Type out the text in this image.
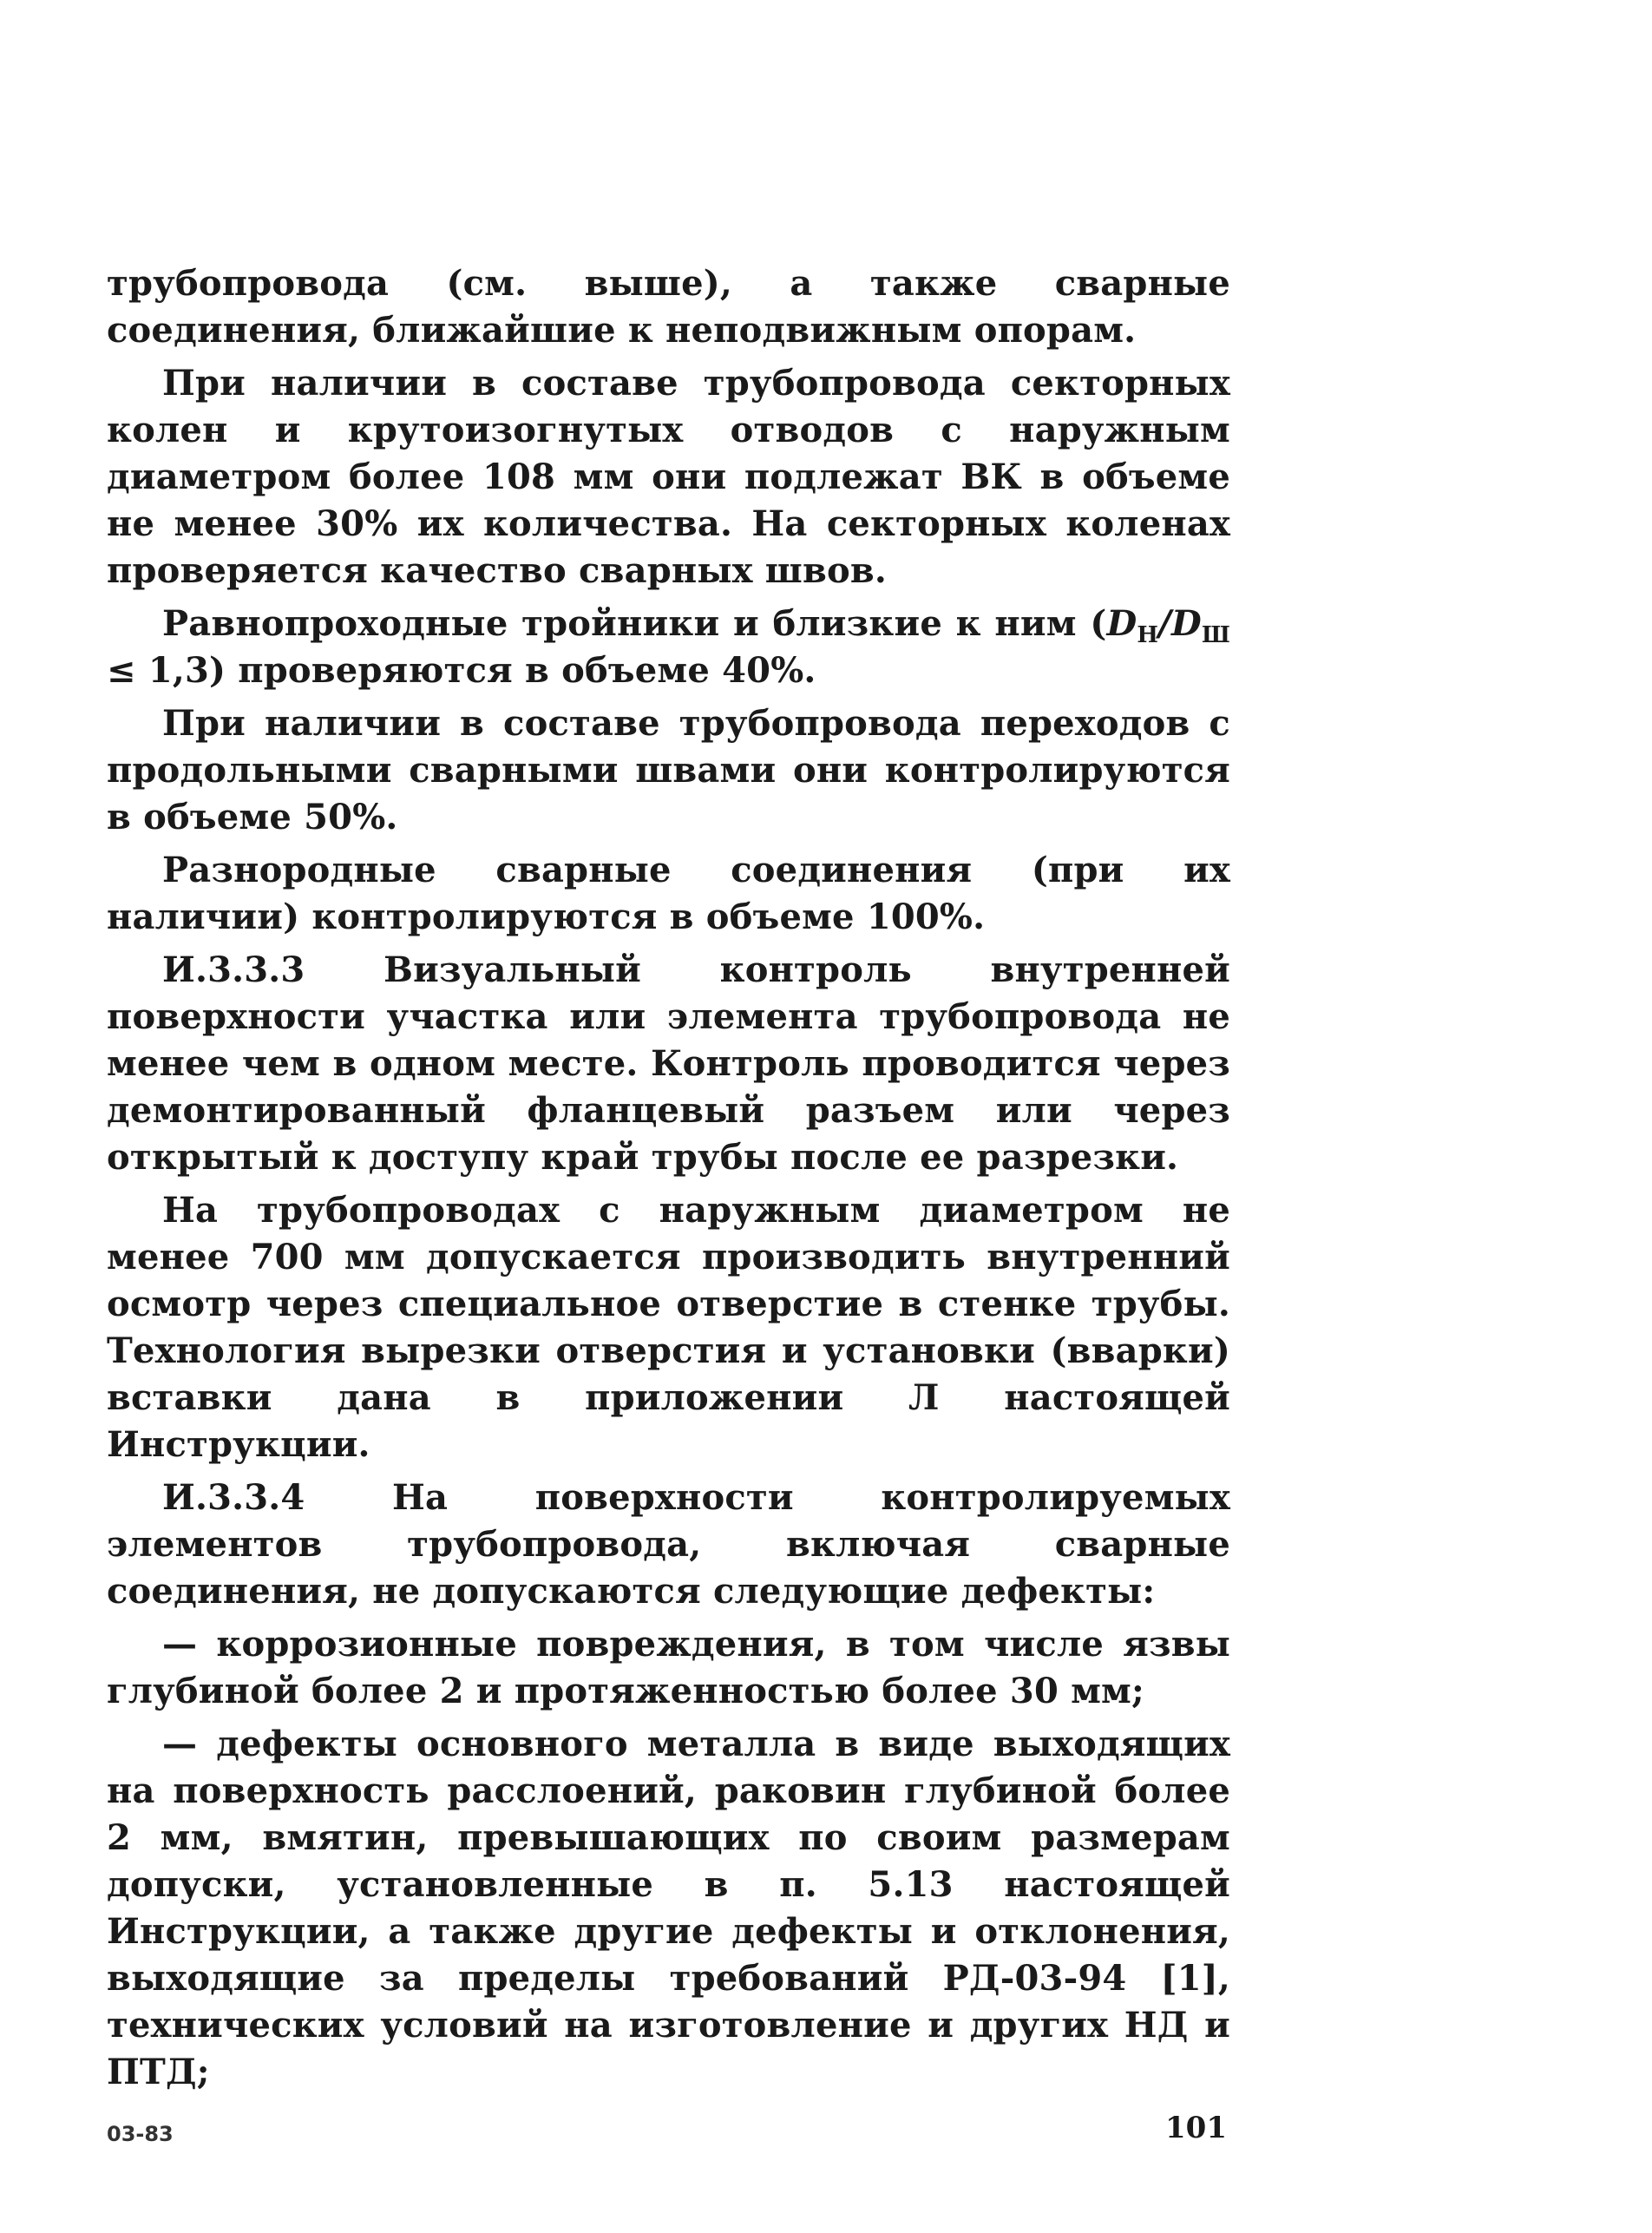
трубопровода (см. выше), а также сварные соединения, ближайшие к неподвижным опорам.

При наличии в составе трубопровода секторных колен и крутоизогнутых отводов с наружным диаметром более 108 мм они подлежат ВК в объеме не менее 30% их количества. На секторных коленах проверяется качество сварных швов.

Равнопроходные тройники и близкие к ним $(D_Н/D_Ш \le 1,3)$ проверяются в объеме 40%.

При наличии в составе трубопровода переходов с продольными сварными швами они контролируются в объеме 50%.

Разнородные сварные соединения (при их наличии) контролируются в объеме 100%.

И.3.3.3 Визуальный контроль внутренней поверхности участка или элемента трубопровода не менее чем в одном месте. Контроль проводится через демонтированный фланцевый разъем или через открытый к доступу край трубы после ее разрезки.

На трубопроводах с наружным диаметром не менее 700 мм допускается производить внутренний осмотр через специальное отверстие в стенке трубы. Технология вырезки отверстия и установки (вварки) вставки дана в приложении Л настоящей Инструкции.

И.3.3.4 На поверхности контролируемых элементов трубопровода, включая сварные соединения, не допускаются следующие дефекты:

— коррозионные повреждения, в том числе язвы глубиной более 2 и протяженностью более 30 мм;

— дефекты основного металла в виде выходящих на поверхность расслоений, раковин глубиной более 2 мм, вмятин, превышающих по своим размерам допуски, установленные в п. 5.13 настоящей Инструкции, а также другие дефекты и отклонения, выходящие за пределы требований РД-03-94 [1], технических условий на изготовление и других НД и ПТД;

03-83	101
